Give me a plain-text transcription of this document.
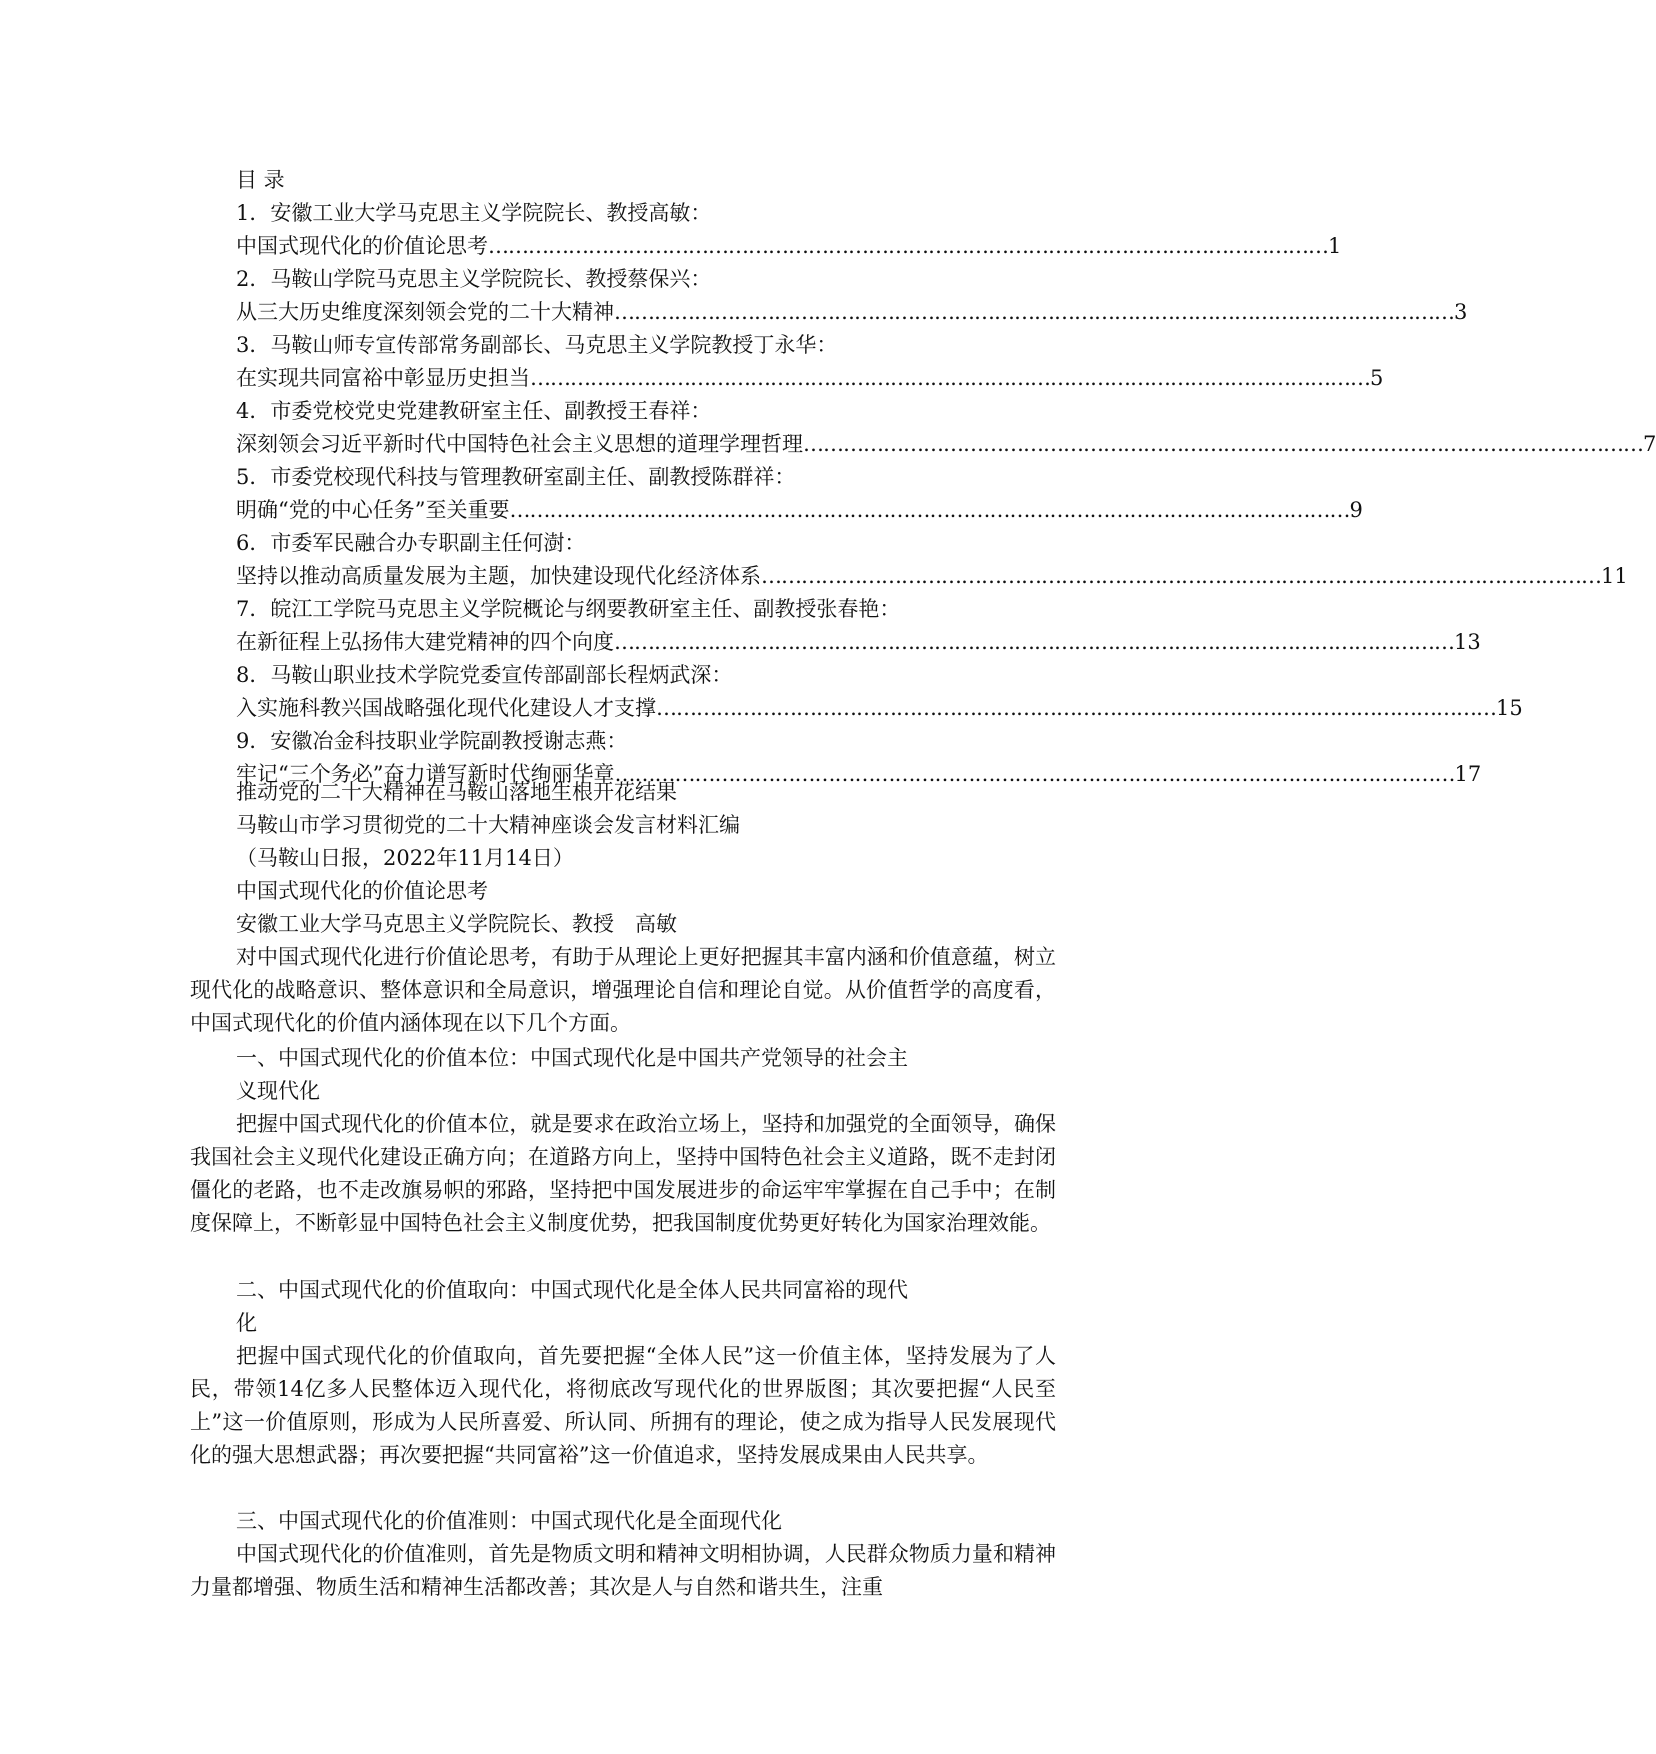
目 录
1．安徽工业大学马克思主义学院院长、教授高敏：
中国式现代化的价值论思考 ……………………………………………………………………………………………………………… 1
2．马鞍山学院马克思主义学院院长、教授蔡保兴：
从三大历史维度深刻领会党的二十大精神 ……………………………………………………………………………………………………………… 3
3．马鞍山师专宣传部常务副部长、马克思主义学院教授丁永华：
在实现共同富裕中彰显历史担当 ……………………………………………………………………………………………………………… 5
4．市委党校党史党建教研室主任、副教授王春祥：
深刻领会习近平新时代中国特色社会主义思想的道理学理哲理 ……………………………………………………………………………………………………………… 7
5．市委党校现代科技与管理教研室副主任、副教授陈群祥：
明确“党的中心任务”至关重要 ……………………………………………………………………………………………………………… 9
6．市委军民融合办专职副主任何澍：
坚持以推动高质量发展为主题，加快建设现代化经济体系 ……………………………………………………………………………………………………………… 11
7．皖江工学院马克思主义学院概论与纲要教研室主任、副教授张春艳：
在新征程上弘扬伟大建党精神的四个向度 ……………………………………………………………………………………………………………… 13
8．马鞍山职业技术学院党委宣传部副部长程炳武深：
入实施科教兴国战略强化现代化建设人才支撑 ……………………………………………………………………………………………………………… 15
9．安徽冶金科技职业学院副教授谢志燕：
牢记“三个务必”奋力谱写新时代绚丽华章 ……………………………………………………………………………………………………………… 17
推动党的二十大精神在马鞍山落地生根开花结果
马鞍山市学习贯彻党的二十大精神座谈会发言材料汇编
（马鞍山日报，2022年11月14日）
中国式现代化的价值论思考
安徽工业大学马克思主义学院院长、教授　高敏
对中国式现代化进行价值论思考，有助于从理论上更好把握其丰富内涵和价值意蕴，树立现代化的战略意识、整体意识和全局意识，增强理论自信和理论自觉。从价值哲学的高度看，中国式现代化的价值内涵体现在以下几个方面。
一、中国式现代化的价值本位：中国式现代化是中国共产党领导的社会主
义现代化
把握中国式现代化的价值本位，就是要求在政治立场上，坚持和加强党的全面领导，确保我国社会主义现代化建设正确方向；在道路方向上，坚持中国特色社会主义道路，既不走封闭僵化的老路，也不走改旗易帜的邪路，坚持把中国发展进步的命运牢牢掌握在自己手中；在制度保障上，不断彰显中国特色社会主义制度优势，把我国制度优势更好转化为国家治理效能。
二、中国式现代化的价值取向：中国式现代化是全体人民共同富裕的现代
化
把握中国式现代化的价值取向，首先要把握“全体人民”这一价值主体，坚持发展为了人民，带领14亿多人民整体迈入现代化，将彻底改写现代化的世界版图；其次要把握“人民至上”这一价值原则，形成为人民所喜爱、所认同、所拥有的理论，使之成为指导人民发展现代化的强大思想武器；再次要把握“共同富裕”这一价值追求，坚持发展成果由人民共享。
三、中国式现代化的价值准则：中国式现代化是全面现代化
中国式现代化的价值准则，首先是物质文明和精神文明相协调，人民群众物质力量和精神力量都增强、物质生活和精神生活都改善；其次是人与自然和谐共生，注重
